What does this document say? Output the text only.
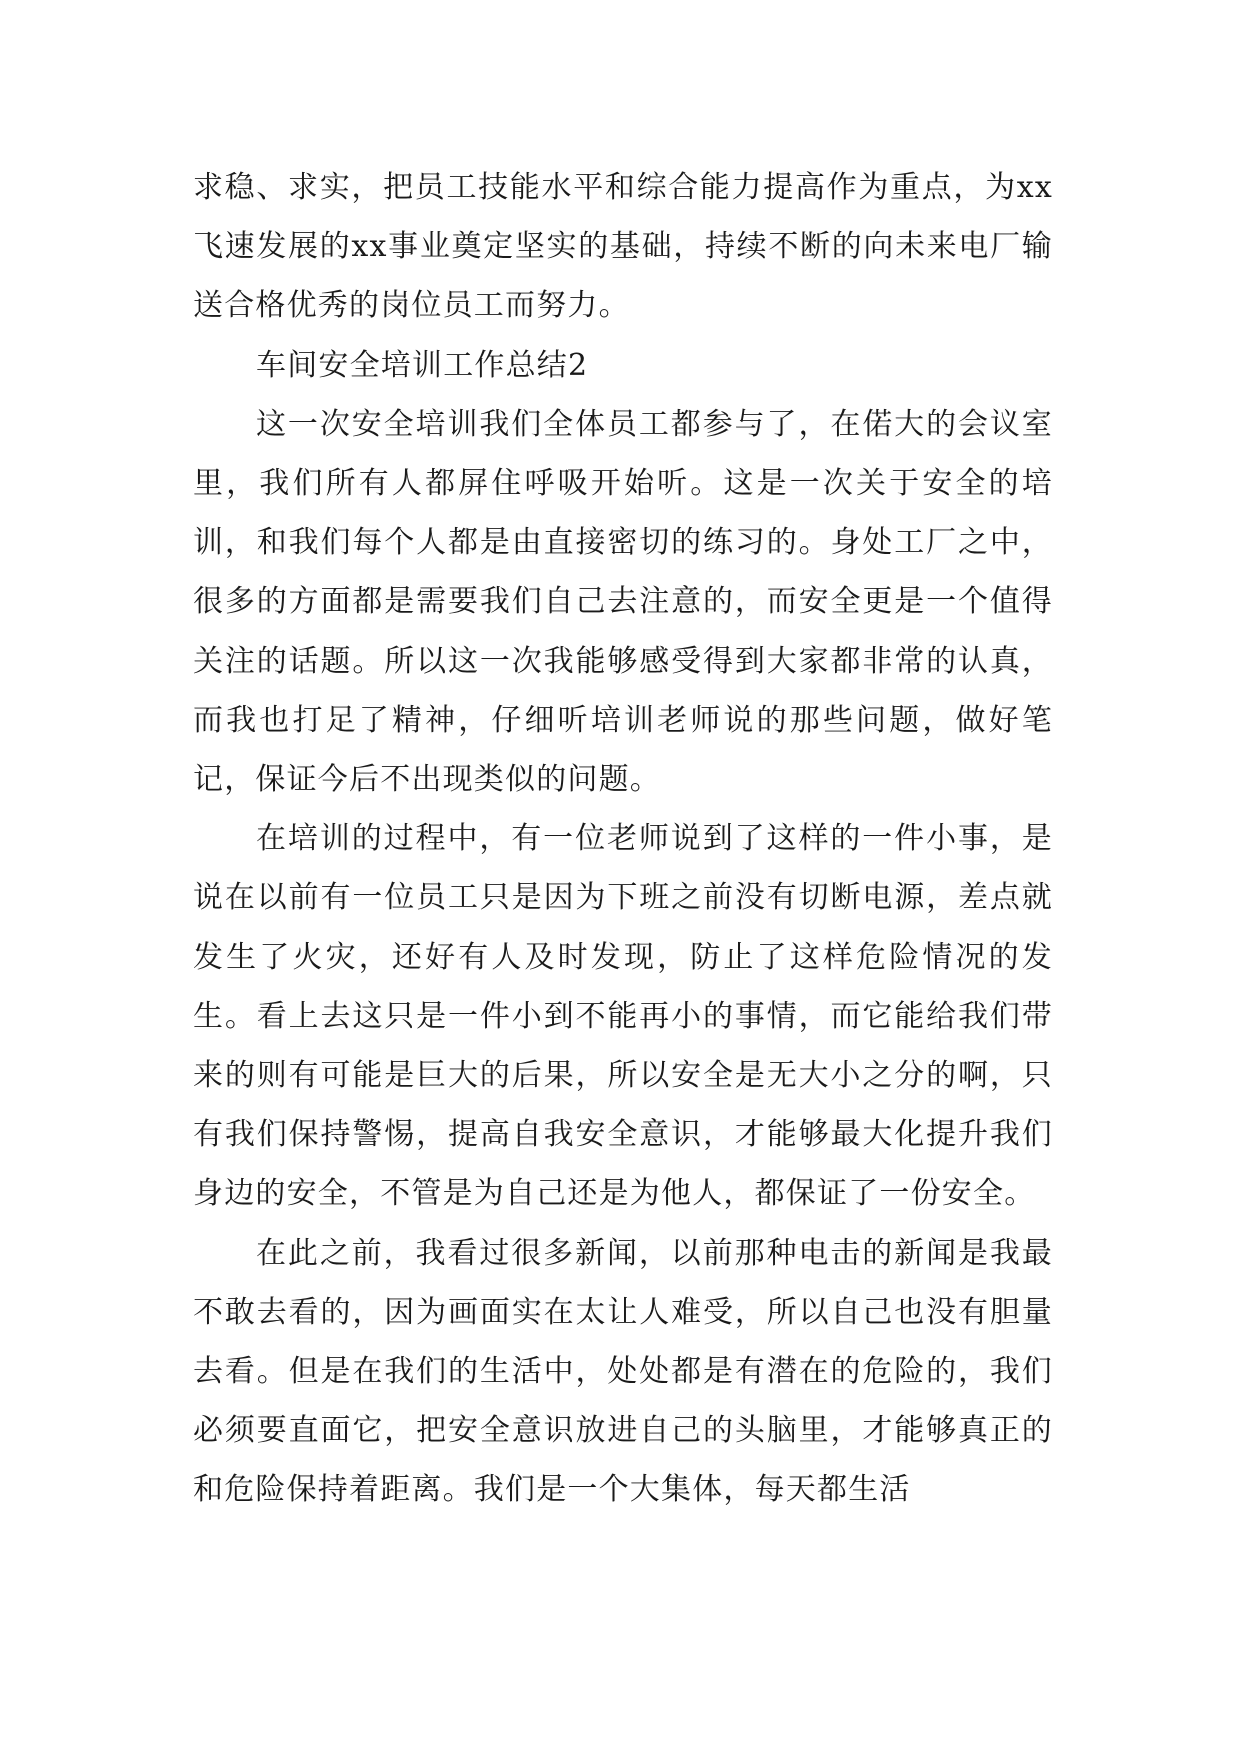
求稳、求实，把员工技能水平和综合能力提高作为重点，为xx飞速发展的xx事业奠定坚实的基础，持续不断的向未来电厂输送合格优秀的岗位员工而努力。

车间安全培训工作总结2

这一次安全培训我们全体员工都参与了，在偌大的会议室里，我们所有人都屏住呼吸开始听。这是一次关于安全的培训，和我们每个人都是由直接密切的练习的。身处工厂之中，很多的方面都是需要我们自己去注意的，而安全更是一个值得关注的话题。所以这一次我能够感受得到大家都非常的认真，而我也打足了精神，仔细听培训老师说的那些问题，做好笔记，保证今后不出现类似的问题。

在培训的过程中，有一位老师说到了这样的一件小事，是说在以前有一位员工只是因为下班之前没有切断电源，差点就发生了火灾，还好有人及时发现，防止了这样危险情况的发生。看上去这只是一件小到不能再小的事情，而它能给我们带来的则有可能是巨大的后果，所以安全是无大小之分的啊，只有我们保持警惕，提高自我安全意识，才能够最大化提升我们身边的安全，不管是为自己还是为他人，都保证了一份安全。

在此之前，我看过很多新闻，以前那种电击的新闻是我最不敢去看的，因为画面实在太让人难受，所以自己也没有胆量去看。但是在我们的生活中，处处都是有潜在的危险的，我们必须要直面它，把安全意识放进自己的头脑里，才能够真正的和危险保持着距离。我们是一个大集体，每天都生活
